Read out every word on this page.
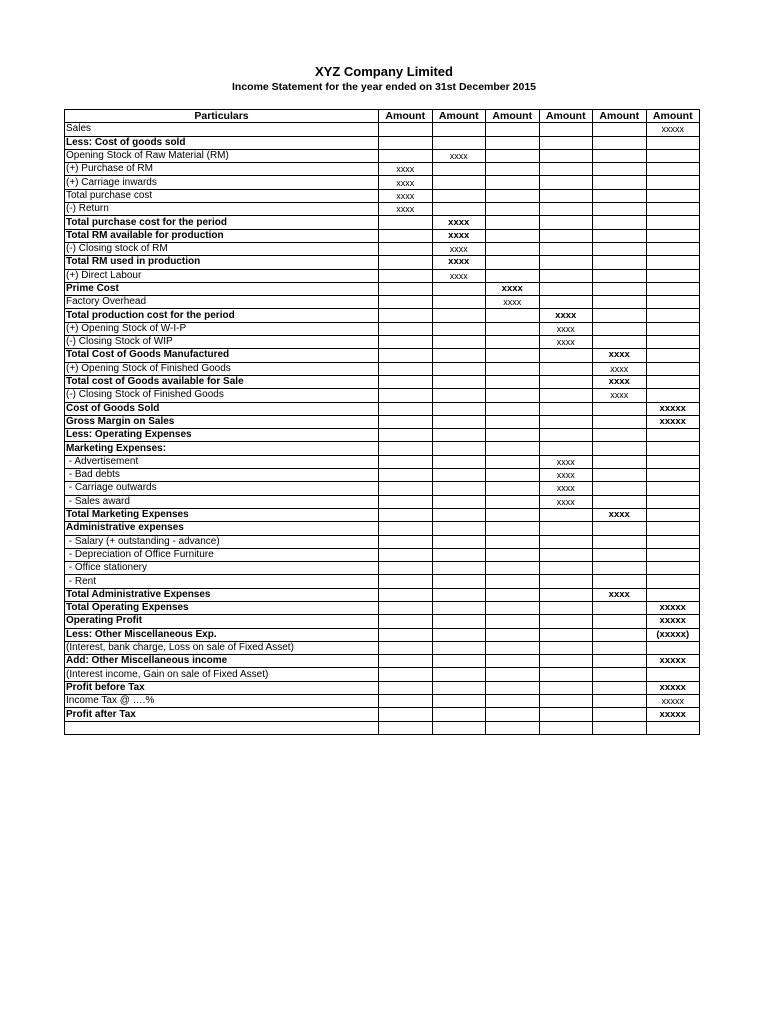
XYZ Company Limited
Income Statement for the year ended on 31st December 2015
Particulars	Amount	Amount	Amount	Amount	Amount	Amount
Sales						xxxxx
Less: Cost of goods sold						
Opening Stock of Raw Material (RM)		xxxx				
(+) Purchase of RM	xxxx					
(+) Carriage inwards	xxxx					
Total purchase cost	xxxx					
(-) Return	xxxx					
Total purchase cost for the period		xxxx				
Total RM available for production		xxxx				
(-) Closing stock of RM		xxxx				
Total RM used in production		xxxx				
(+) Direct Labour		xxxx				
Prime Cost			xxxx			
Factory Overhead			xxxx			
Total production cost for the period				xxxx		
(+) Opening Stock of W-I-P				xxxx		
(-) Closing Stock of WIP				xxxx		
Total Cost of Goods Manufactured					xxxx	
(+) Opening Stock of Finished Goods					xxxx	
Total cost of Goods available for Sale					xxxx	
(-) Closing Stock of Finished Goods					xxxx	
Cost of Goods Sold						xxxxx
Gross Margin on Sales						xxxxx
Less: Operating Expenses						
Marketing Expenses:						
- Advertisement				xxxx		
- Bad debts				xxxx		
- Carriage outwards				xxxx		
- Sales award				xxxx		
Total Marketing Expenses					xxxx	
Administrative expenses						
- Salary (+ outstanding - advance)						
- Depreciation of Office Furniture						
- Office stationery						
- Rent						
Total Administrative Expenses					xxxx	
Total Operating Expenses						xxxxx
Operating Profit						xxxxx
Less: Other Miscellaneous Exp.						(xxxxx)
(Interest, bank charge, Loss on sale of Fixed Asset)						
Add: Other Miscellaneous income						xxxxx
(Interest income, Gain on sale of Fixed Asset)						
Profit before Tax						xxxxx
Income Tax @ ….%						xxxxx
Profit after Tax						xxxxx
